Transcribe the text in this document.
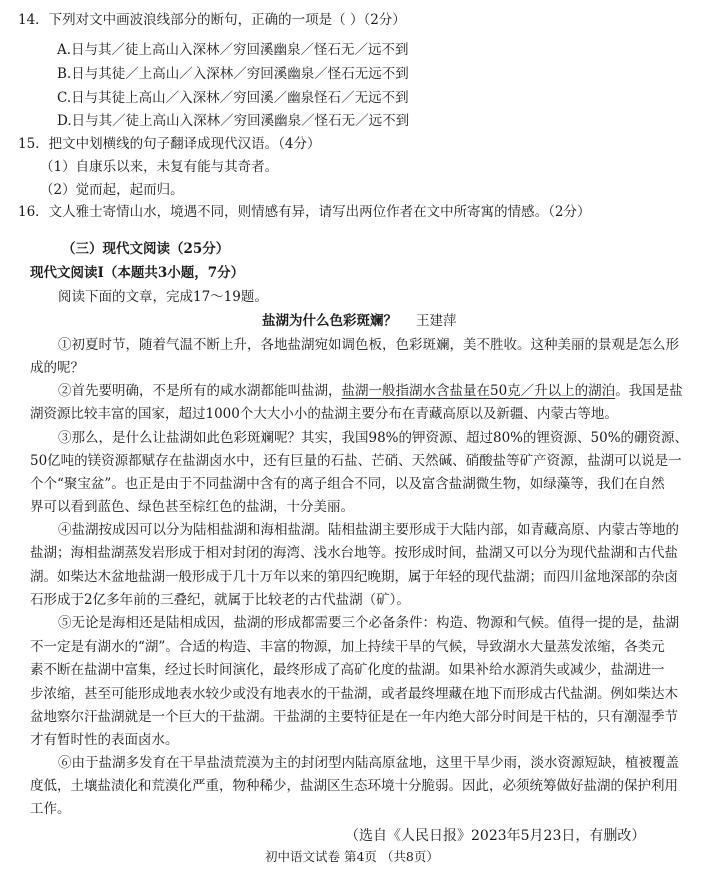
14．下列对文中画波浪线部分的断句，正确的一项是（ ）（2分）
A.日与其／徒上高山入深林／穷回溪幽泉／怪石无／远不到
B.日与其徒／上高山／入深林／穷回溪幽泉／怪石无远不到
C.日与其徒上高山／入深林／穷回溪／幽泉怪石／无远不到
D.日与其／徒上高山入深林／穷回溪幽泉／怪石无／远不到
15．把文中划横线的句子翻译成现代汉语。（4分）
（1）自康乐以来，未复有能与其奇者。
（2）觉而起，起而归。
16．文人雅士寄情山水，境遇不同，则情感有异，请写出两位作者在文中所寄寓的情感。（2分）
（三）现代文阅读（25分）
现代文阅读Ⅰ（本题共3小题，7分）
阅读下面的文章，完成17～19题。
盐湖为什么色彩斑斓？ 王建萍
①初夏时节，随着气温不断上升，各地盐湖宛如调色板，色彩斑斓，美不胜收。这种美丽的景观是怎么形
成的呢？
②首先要明确，不是所有的咸水湖都能叫盐湖，盐湖一般指湖水含盐量在50克／升以上的湖泊。我国是盐
湖资源比较丰富的国家，超过1000个大大小小的盐湖主要分布在青藏高原以及新疆、内蒙古等地。
③那么，是什么让盐湖如此色彩斑斓呢？其实，我国98%的钾资源、超过80%的锂资源、50%的硼资源、
50亿吨的镁资源都赋存在盐湖卤水中，还有巨量的石盐、芒硝、天然碱、硝酸盐等矿产资源，盐湖可以说是一
个个“聚宝盆”。也正是由于不同盐湖中含有的离子组合不同，以及富含盐湖微生物，如绿藻等，我们在自然
界可以看到蓝色、绿色甚至棕红色的盐湖，十分美丽。
④盐湖按成因可以分为陆相盐湖和海相盐湖。陆相盐湖主要形成于大陆内部，如青藏高原、内蒙古等地的
盐湖；海相盐湖蒸发岩形成于相对封闭的海湾、浅水台地等。按形成时间，盐湖又可以分为现代盐湖和古代盐
湖。如柴达木盆地盐湖一般形成于几十万年以来的第四纪晚期，属于年轻的现代盐湖；而四川盆地深部的杂卤
石形成于2亿多年前的三叠纪，就属于比较老的古代盐湖（矿）。
⑤无论是海相还是陆相成因，盐湖的形成都需要三个必备条件：构造、物源和气候。值得一提的是，盐湖
不一定是有湖水的“湖”。合适的构造、丰富的物源，加上持续干旱的气候，导致湖水大量蒸发浓缩，各类元
素不断在盐湖中富集，经过长时间演化，最终形成了高矿化度的盐湖。如果补给水源消失或减少，盐湖进一
步浓缩，甚至可能形成地表水较少或没有地表水的干盐湖，或者最终埋藏在地下而形成古代盐湖。例如柴达木
盆地察尔汗盐湖就是一个巨大的干盐湖。干盐湖的主要特征是在一年内绝大部分时间是干枯的，只有潮湿季节
才有暂时性的表面卤水。
⑥由于盐湖多发育在干旱盐渍荒漠为主的封闭型内陆高原盆地，这里干旱少雨，淡水资源短缺，植被覆盖
度低，土壤盐渍化和荒漠化严重，物种稀少，盐湖区生态环境十分脆弱。因此，必须统筹做好盐湖的保护利用
工作。
（选自《人民日报》2023年5月23日，有删改）
初中语文试卷 第4页 （共8页）
